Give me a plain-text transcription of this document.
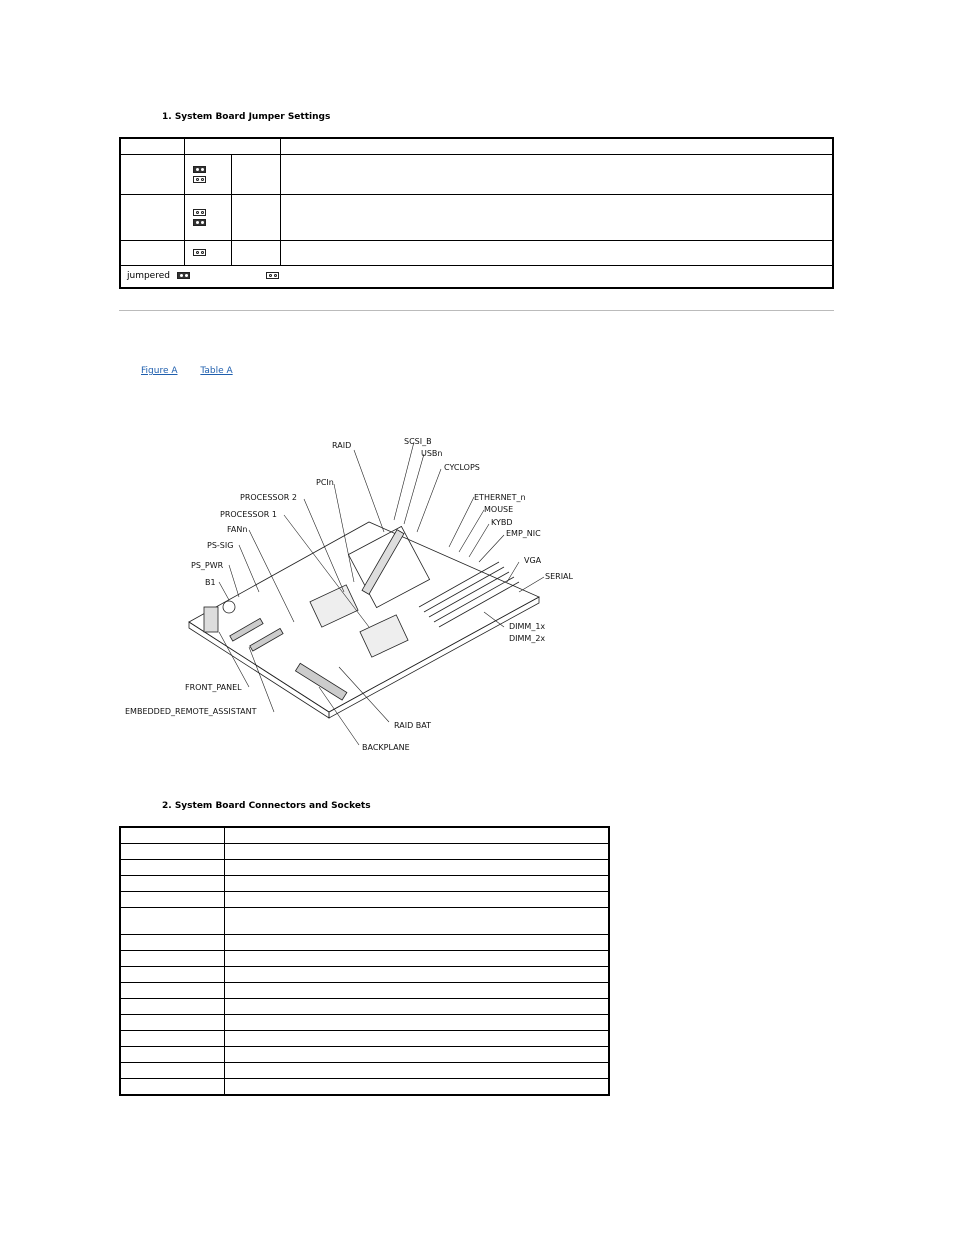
1. System Board Jumper Settings

jumpered			

Figure A	Table A
RAID	SCSI_B
USBn
CYCLOPS
PCIn
PROCESSOR 2
PROCESSOR 1
FANn
PS-SIG
PS_PWR
B1
ETHERNET_n
MOUSE
KYBD
EMP_NIC
VGA
SERIAL
DIMM_1x
DIMM_2x
FRONT_PANEL
EMBEDDED_REMOTE_ASSISTANT
RAID BAT
BACKPLANE
2. System Board Connectors and Sockets
